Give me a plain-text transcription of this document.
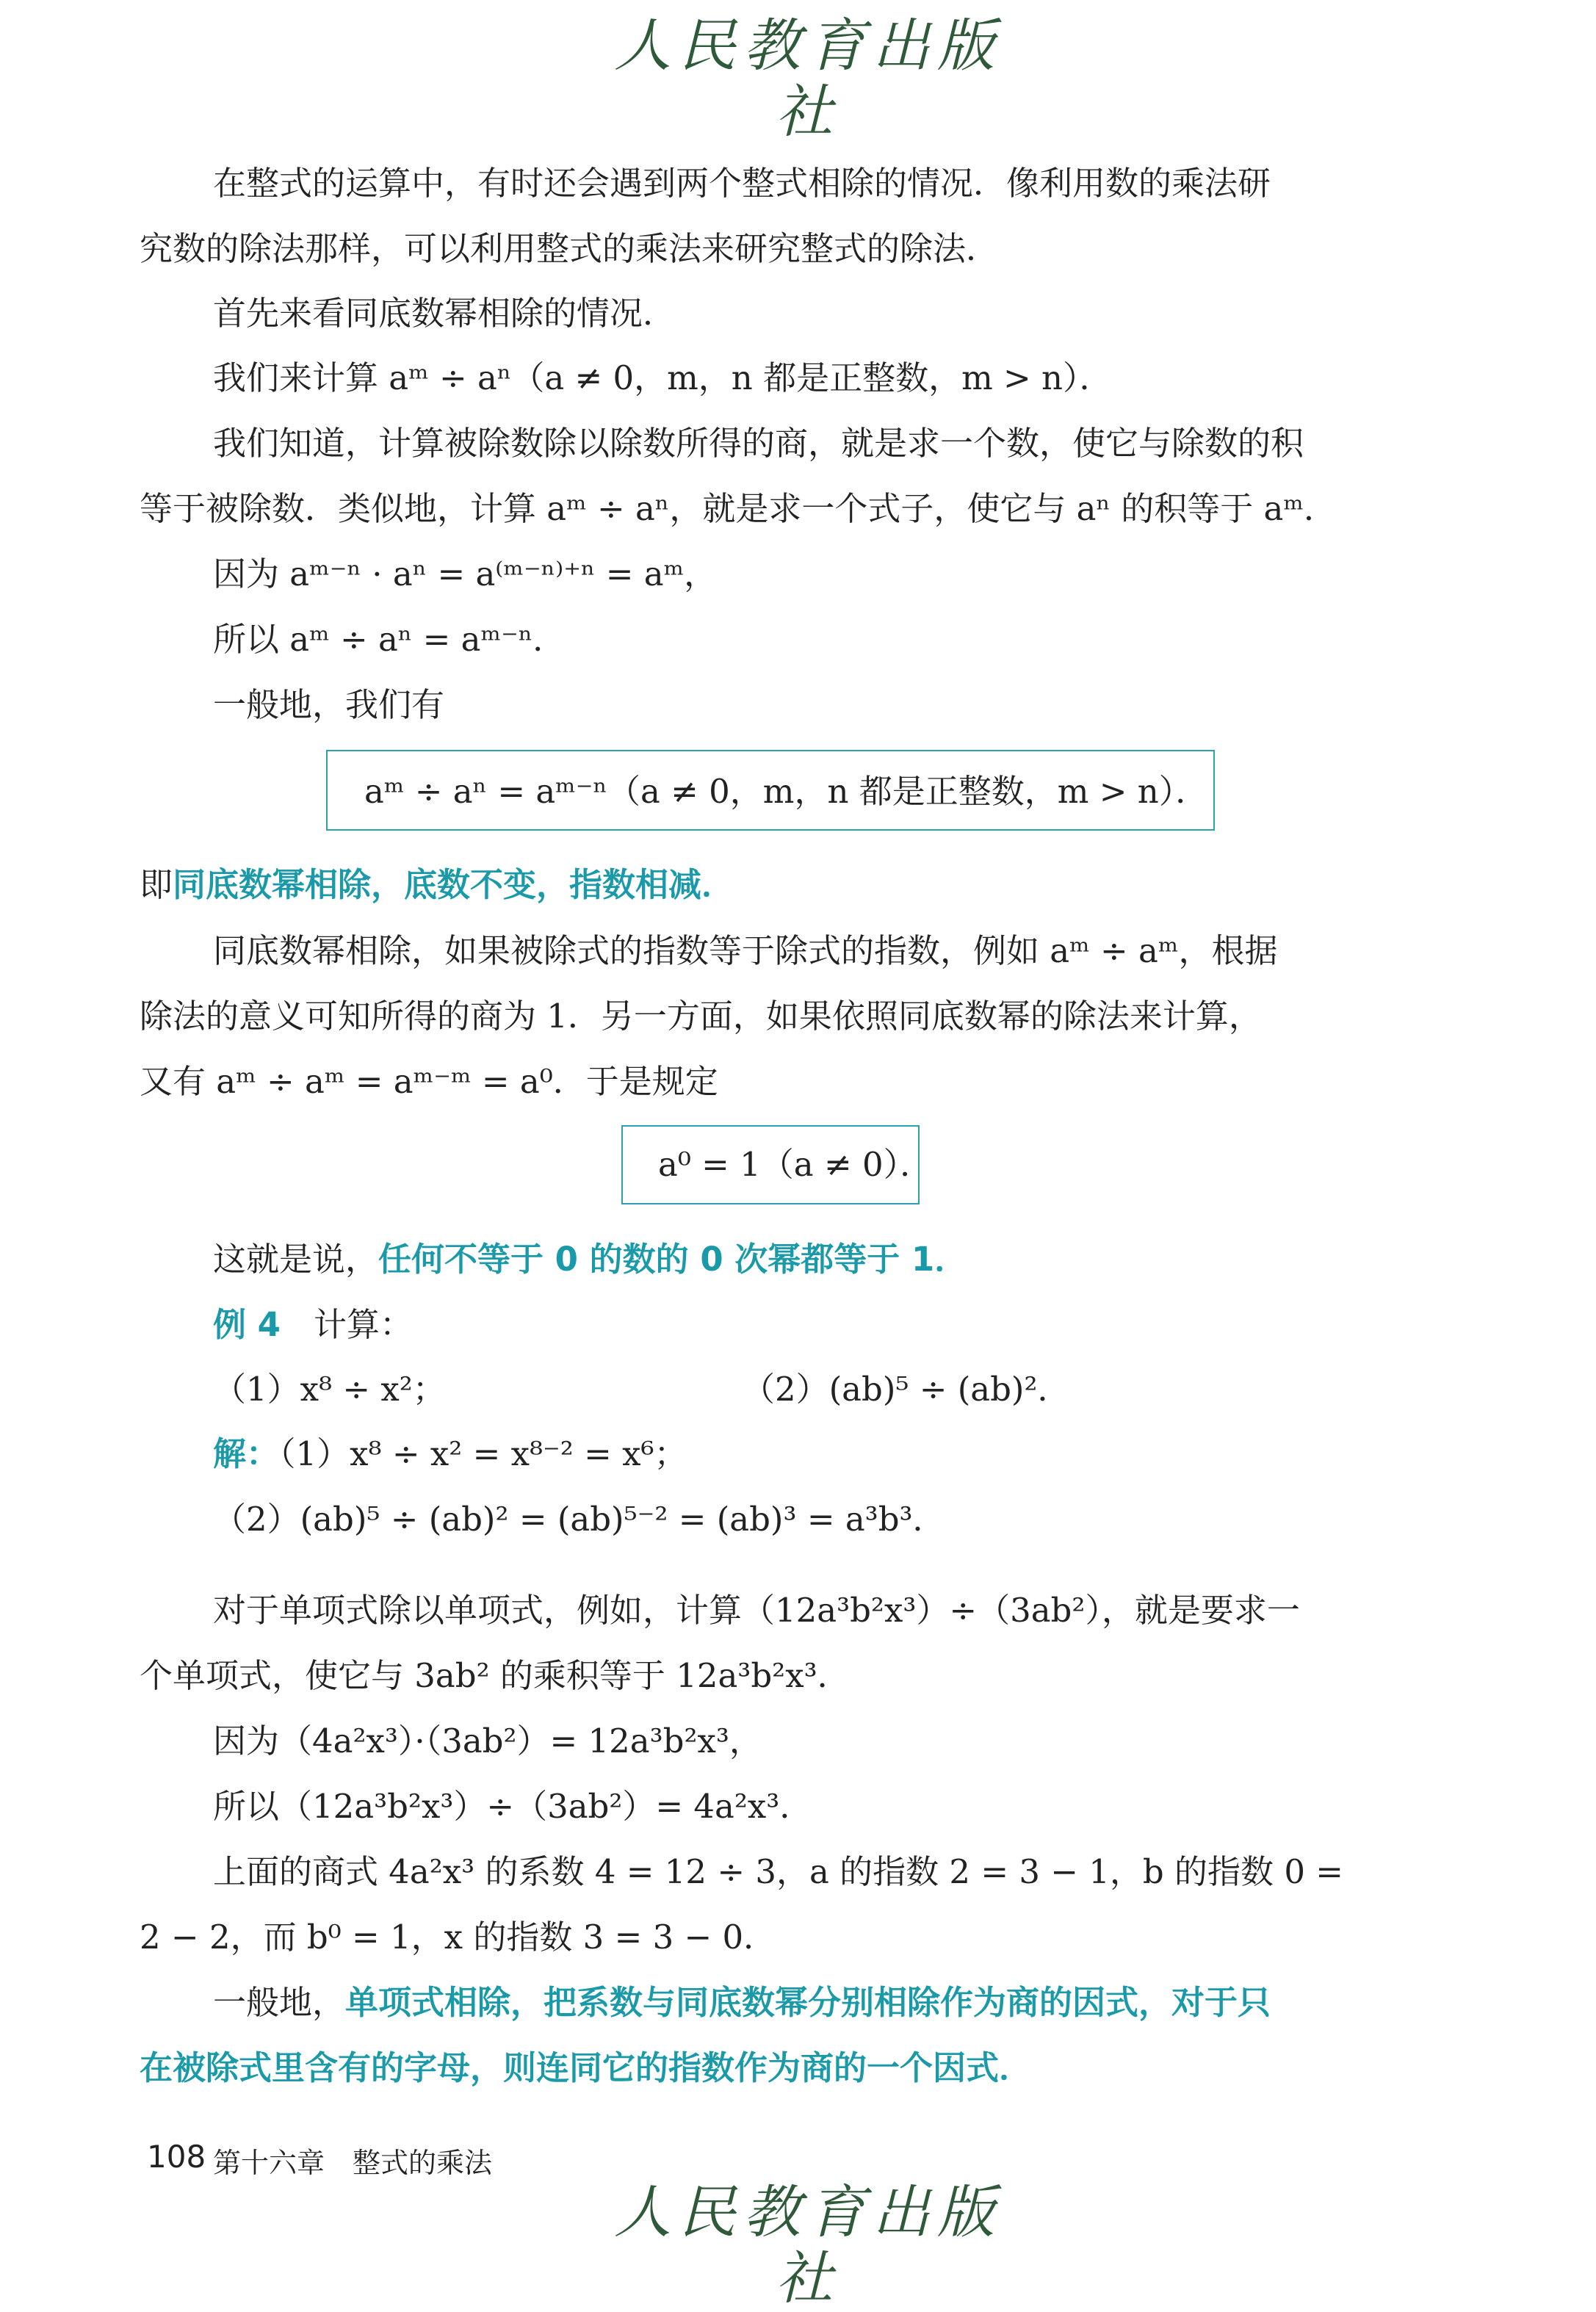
人民教育出版社
在整式的运算中，有时还会遇到两个整式相除的情况．像利用数的乘法研
究数的除法那样，可以利用整式的乘法来研究整式的除法．
首先来看同底数幂相除的情况．
我们来计算 aᵐ ÷ aⁿ（a ≠ 0，m，n 都是正整数，m > n）．
我们知道，计算被除数除以除数所得的商，就是求一个数，使它与除数的积
等于被除数．类似地，计算 aᵐ ÷ aⁿ，就是求一个式子，使它与 aⁿ 的积等于 aᵐ．
因为 aᵐ⁻ⁿ · aⁿ = a⁽ᵐ⁻ⁿ⁾⁺ⁿ = aᵐ，
所以 aᵐ ÷ aⁿ = aᵐ⁻ⁿ．
一般地，我们有
aᵐ ÷ aⁿ = aᵐ⁻ⁿ（a ≠ 0，m，n 都是正整数，m > n）．
即同底数幂相除，底数不变，指数相减．
同底数幂相除，如果被除式的指数等于除式的指数，例如 aᵐ ÷ aᵐ，根据
除法的意义可知所得的商为 1．另一方面，如果依照同底数幂的除法来计算，
又有 aᵐ ÷ aᵐ = aᵐ⁻ᵐ = a⁰．于是规定
a⁰ = 1（a ≠ 0）．
这就是说，任何不等于 0 的数的 0 次幂都等于 1．
例 4　 计算：
（1）x⁸ ÷ x²；	（2）(ab)⁵ ÷ (ab)²．
解：（1）x⁸ ÷ x² = x⁸⁻² = x⁶；
（2）(ab)⁵ ÷ (ab)² = (ab)⁵⁻² = (ab)³ = a³b³．
对于单项式除以单项式，例如，计算（12a³b²x³）÷（3ab²），就是要求一
个单项式，使它与 3ab² 的乘积等于 12a³b²x³．
因为（4a²x³）·（3ab²）= 12a³b²x³，
所以（12a³b²x³）÷（3ab²）= 4a²x³．
上面的商式 4a²x³ 的系数 4 = 12 ÷ 3，a 的指数 2 = 3 − 1，b 的指数 0 =
2 − 2，而 b⁰ = 1，x 的指数 3 = 3 − 0．
一般地，单项式相除，把系数与同底数幂分别相除作为商的因式，对于只
在被除式里含有的字母，则连同它的指数作为商的一个因式．
108 第十六章　整式的乘法
人民教育出版社
